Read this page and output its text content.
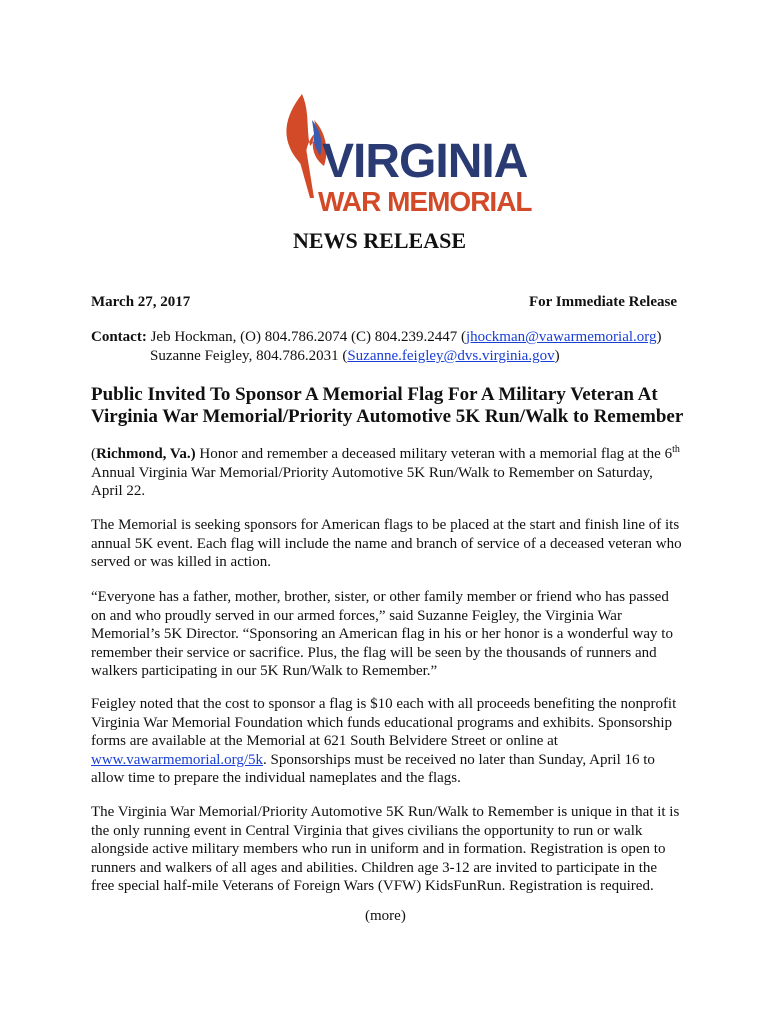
VIRGINIA
WAR MEMORIAL
NEWS RELEASE
March 27, 2017	For Immediate Release
Contact: Jeb Hockman, (O) 804.786.2074 (C) 804.239.2447 (jhockman@vawarmemorial.org)
Suzanne Feigley, 804.786.2031 (Suzanne.feigley@dvs.virginia.gov)
Public Invited To Sponsor A Memorial Flag For A Military Veteran At Virginia War Memorial/Priority Automotive 5K Run/Walk to Remember
(Richmond, Va.) Honor and remember a deceased military veteran with a memorial flag at the 6th Annual Virginia War Memorial/Priority Automotive 5K Run/Walk to Remember on Saturday, April 22.
The Memorial is seeking sponsors for American flags to be placed at the start and finish line of its annual 5K event. Each flag will include the name and branch of service of a deceased veteran who served or was killed in action.
“Everyone has a father, mother, brother, sister, or other family member or friend who has passed on and who proudly served in our armed forces,” said Suzanne Feigley, the Virginia War Memorial’s 5K Director. “Sponsoring an American flag in his or her honor is a wonderful way to remember their service or sacrifice. Plus, the flag will be seen by the thousands of runners and walkers participating in our 5K Run/Walk to Remember.”
Feigley noted that the cost to sponsor a flag is $10 each with all proceeds benefiting the nonprofit Virginia War Memorial Foundation which funds educational programs and exhibits. Sponsorship forms are available at the Memorial at 621 South Belvidere Street or online at www.vawarmemorial.org/5k. Sponsorships must be received no later than Sunday, April 16 to allow time to prepare the individual nameplates and the flags.
The Virginia War Memorial/Priority Automotive 5K Run/Walk to Remember is unique in that it is the only running event in Central Virginia that gives civilians the opportunity to run or walk alongside active military members who run in uniform and in formation. Registration is open to runners and walkers of all ages and abilities. Children age 3-12 are invited to participate in the free special half-mile Veterans of Foreign Wars (VFW) KidsFunRun. Registration is required.
(more)
